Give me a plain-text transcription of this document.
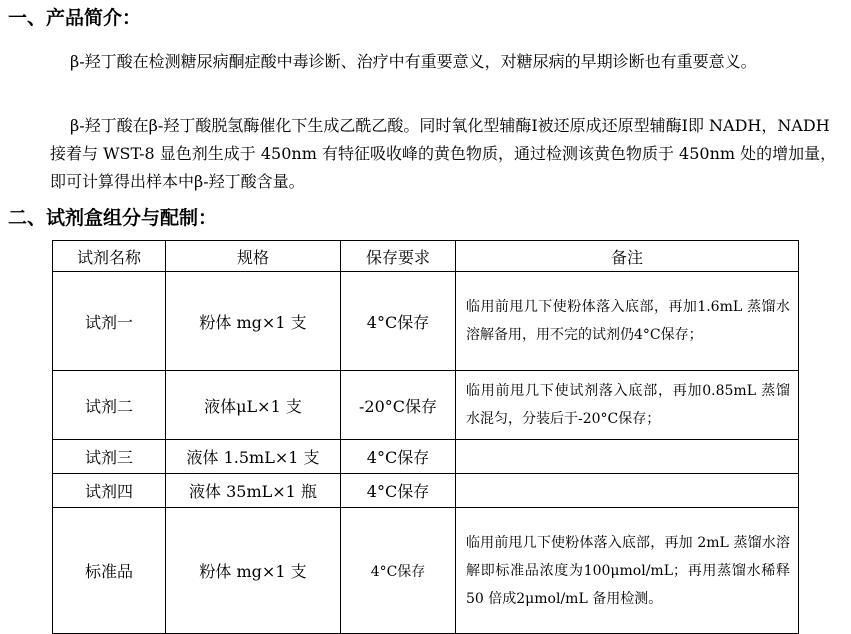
一、产品简介：

β-羟丁酸在检测糖尿病酮症酸中毒诊断、治疗中有重要意义，对糖尿病的早期诊断也有重要意义。

β-羟丁酸在β-羟丁酸脱氢酶催化下生成乙酰乙酸。同时氧化型辅酶I被还原成还原型辅酶I即 NADH，NADH 接着与 WST-8 显色剂生成于 450nm 有特征吸收峰的黄色物质，通过检测该黄色物质于 450nm 处的增加量，即可计算得出样本中β-羟丁酸含量。

二、试剂盒组分与配制：
试剂名称	规格	保存要求	备注
试剂一	粉体 mg×1 支	4°C保存	临用前甩几下使粉体落入底部，再加1.6mL 蒸馏水溶解备用，用不完的试剂仍4°C保存；
试剂二	液体μL×1 支	-20°C保存	临用前甩几下使试剂落入底部，再加0.85mL 蒸馏水混匀，分装后于-20°C保存；
试剂三	液体 1.5mL×1 支	4°C保存	
试剂四	液体 35mL×1 瓶	4°C保存	
标准品	粉体 mg×1 支	4°C保存	临用前甩几下使粉体落入底部，再加 2mL 蒸馏水溶解即标准品浓度为100μmol/mL；再用蒸馏水稀释 50 倍成2μmol/mL 备用检测。
